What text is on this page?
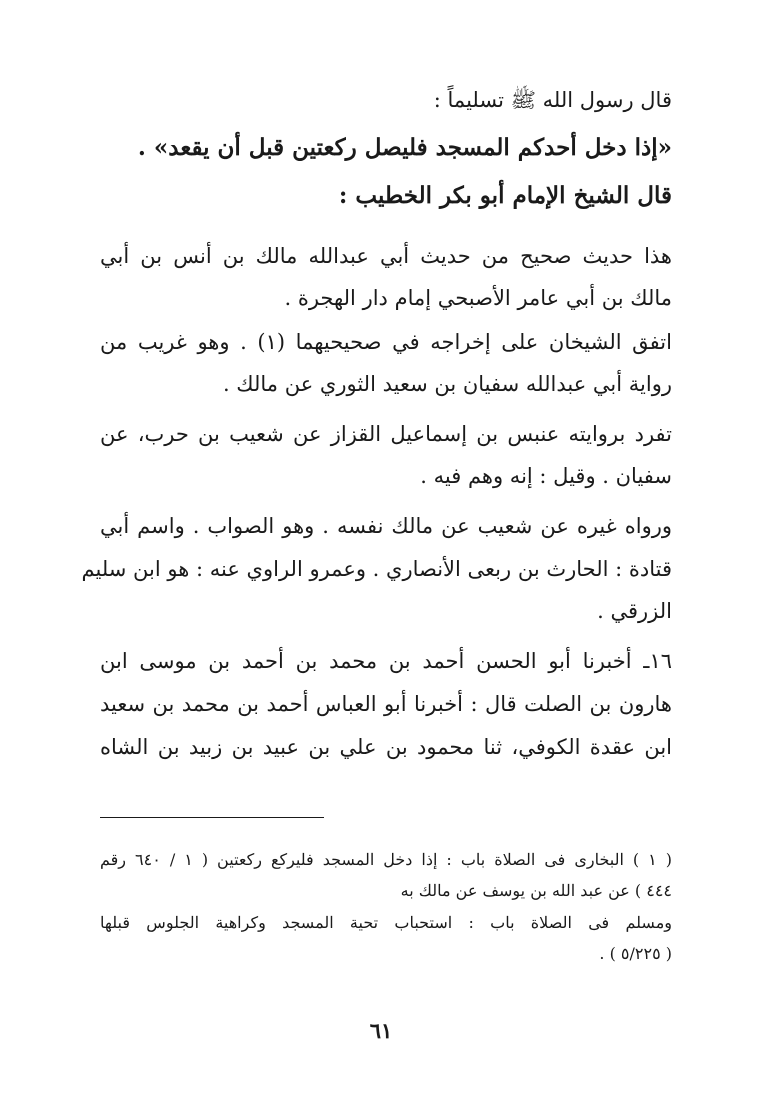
قال رسول الله ﷺ تسليماً :
«إذا دخل أحدكم المسجد فليصل ركعتين قبل أن يقعد» .
قال الشيخ الإمام أبو بكر الخطيب :
هذا حديث صحيح من حديث أبي عبدالله مالك بن أنس بن أبي
مالك بن أبي عامر الأصبحي إمام دار الهجرة .
اتفق الشيخان على إخراجه في صحيحيهما (١) . وهو غريب من
رواية أبي عبدالله سفيان بن سعيد الثوري عن مالك .
تفرد بروايته عنبس بن إسماعيل القزاز عن شعيب بن حرب، عن
سفيان . وقيل : إنه وهم فيه .
ورواه غيره عن شعيب عن مالك نفسه . وهو الصواب . واسم أبي
قتادة : الحارث بن ربعى الأنصاري . وعمرو الراوي عنه : هو ابن سليم
الزرقي .
١٦ـ أخبرنا أبو الحسن أحمد بن محمد بن أحمد بن موسى ابن
هارون بن الصلت قال : أخبرنا أبو العباس أحمد بن محمد بن سعيد
ابن عقدة الكوفي، ثنا محمود بن علي بن عبيد بن زبيد بن الشاه
( ١ ) البخارى فى الصلاة باب : إذا دخل المسجد فليركع ركعتين ( ١ / ٦٤٠ رقم
٤٤٤ ) عن عبد الله بن يوسف عن مالك به
ومسلم فى الصلاة باب : استحباب تحية المسجد وكراهية الجلوس قبلها
( ٥/٢٢٥ ) .
٦١
